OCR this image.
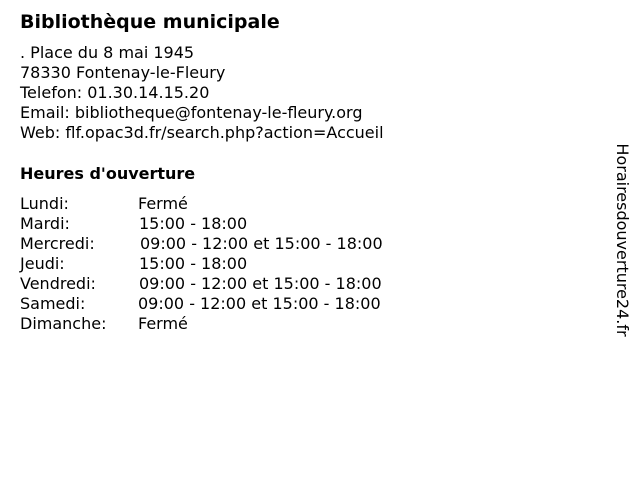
Bibliothèque municipale
. Place du 8 mai 1945
78330 Fontenay-le-Fleury
Telefon: 01.30.14.15.20
Email: bibliotheque@fontenay-le-fleury.org
Web: flf.opac3d.fr/search.php?action=Accueil
Heures d'ouverture
Lundi:	Fermé
Mardi:	15:00 - 18:00
Mercredi:	09:00 - 12:00 et 15:00 - 18:00
Jeudi:	15:00 - 18:00
Vendredi:	09:00 - 12:00 et 15:00 - 18:00
Samedi:	09:00 - 12:00 et 15:00 - 18:00
Dimanche: Fermé	Horairesdouverture24.fr
